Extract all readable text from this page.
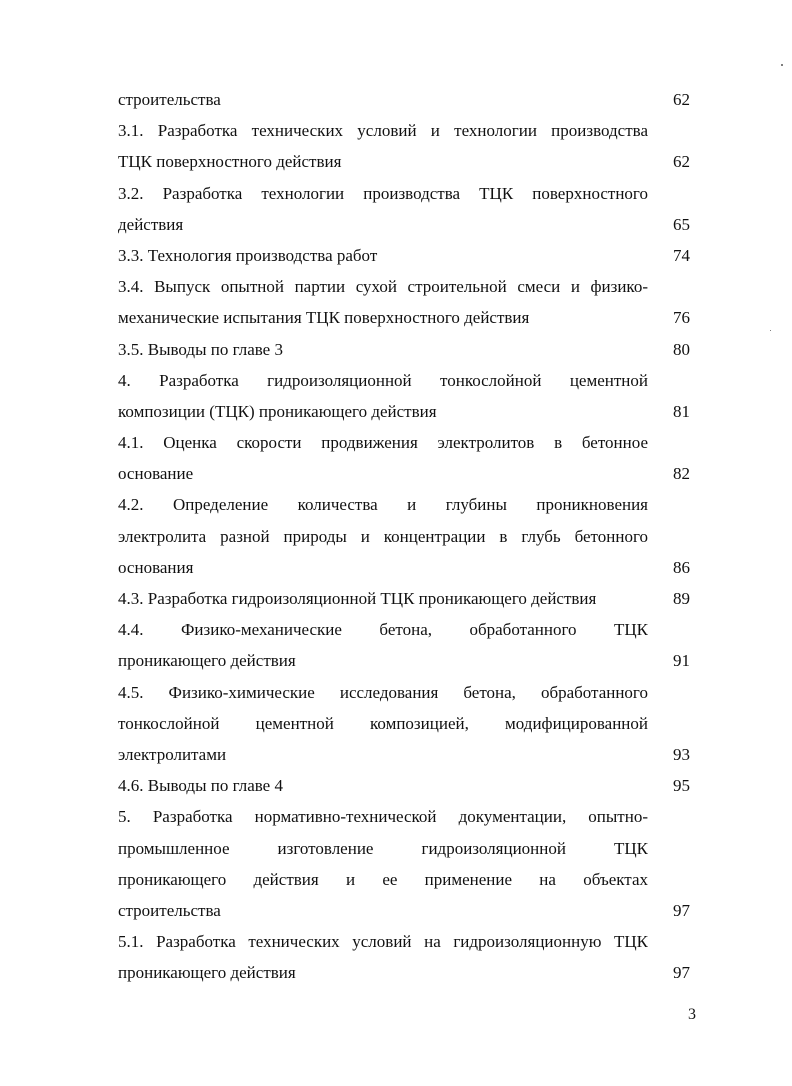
строительства	62
3.1. Разработка технических условий и технологии производства
ТЦК поверхностного действия	62
3.2. Разработка технологии производства ТЦК поверхностного
действия	65
3.3. Технология производства работ	74
3.4. Выпуск опытной партии сухой строительной смеси и физико-
механические испытания ТЦК поверхностного действия	76
3.5. Выводы по главе 3	80
4. Разработка гидроизоляционной тонкослойной цементной
композиции (ТЦК) проникающего действия	81
4.1. Оценка скорости продвижения электролитов в бетонное
основание	82
4.2. Определение количества и глубины проникновения
электролита разной природы и концентрации в глубь бетонного
основания	86
4.3. Разработка гидроизоляционной ТЦК проникающего действия	89
4.4. Физико-механические бетона, обработанного ТЦК
проникающего действия	91
4.5. Физико-химические исследования бетона, обработанного
тонкослойной цементной композицией, модифицированной
электролитами	93
4.6. Выводы по главе 4	95
5. Разработка нормативно-технической документации, опытно-
промышленное изготовление гидроизоляционной ТЦК
проникающего действия и ее применение на объектах
строительства	97
5.1. Разработка технических условий на гидроизоляционную ТЦК
проникающего действия	97
3
